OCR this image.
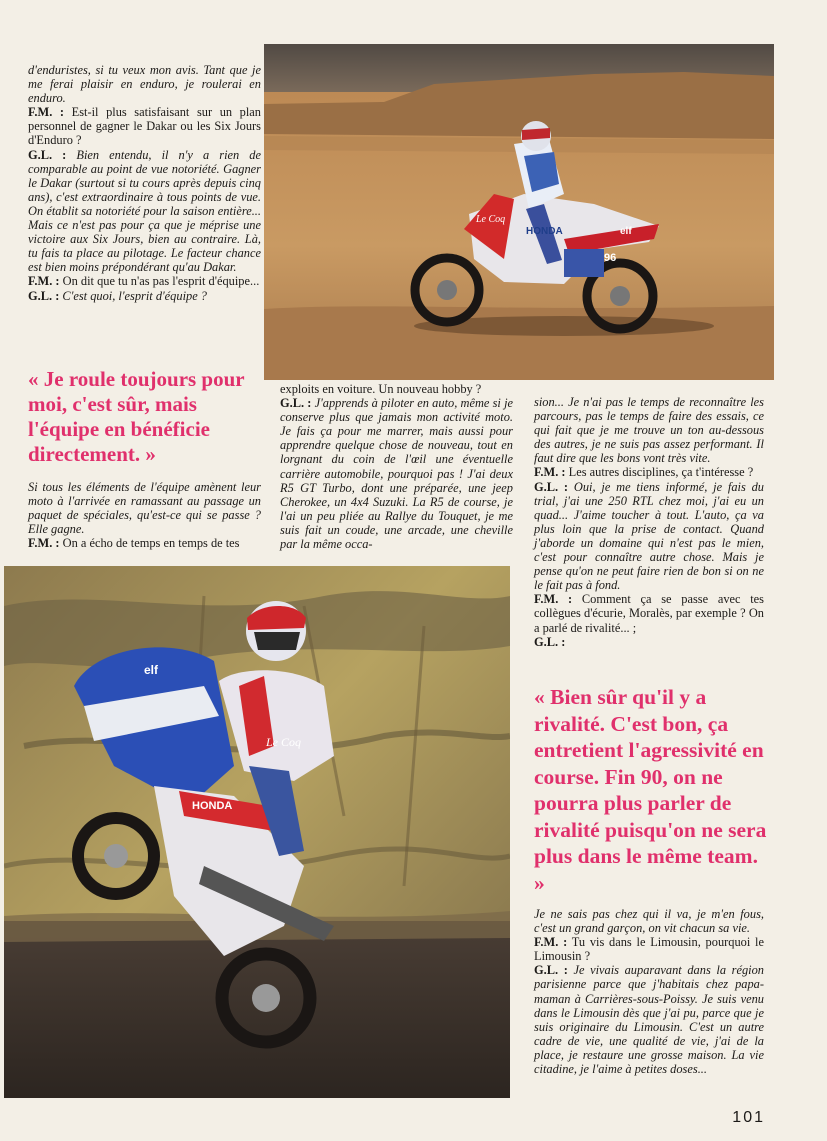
d'enduristes, si tu veux mon avis. Tant que je me ferai plaisir en enduro, je roulerai en enduro.

F.M. : Est-il plus satisfaisant sur un plan personnel de gagner le Dakar ou les Six Jours d'Enduro ?

G.L. : Bien entendu, il n'y a rien de comparable au point de vue notoriété. Gagner le Dakar (surtout si tu cours après depuis cinq ans), c'est extraordinaire à tous points de vue. On établit sa notoriété pour la saison entière... Mais ce n'est pas pour ça que je méprise une victoire aux Six Jours, bien au contraire. Là, tu fais ta place au pilotage. Le facteur chance est bien moins prépondérant qu'au Dakar.

F.M. : On dit que tu n'as pas l'esprit d'équipe...

G.L. : C'est quoi, l'esprit d'équipe ?

96
elf
HONDA
Le Coq

« Je roule toujours pour moi, c'est sûr, mais l'équipe en bénéficie directement. »

Si tous les éléments de l'équipe amènent leur moto à l'arrivée en ramassant au passage un paquet de spéciales, qu'est-ce qui se passe ? Elle gagne.

F.M. : On a écho de temps en temps de tes

exploits en voiture. Un nouveau hobby ?

G.L. : J'apprends à piloter en auto, même si je conserve plus que jamais mon activité moto. Je fais ça pour me marrer, mais aussi pour apprendre quelque chose de nouveau, tout en lorgnant du coin de l'œil une éventuelle carrière automobile, pourquoi pas ! J'ai deux R5 GT Turbo, dont une préparée, une jeep Cherokee, un 4x4 Suzuki. La R5 de course, je l'ai un peu pliée au Rallye du Touquet, je me suis fait un coude, une arcade, une cheville par la même occa-

sion... Je n'ai pas le temps de reconnaître les parcours, pas le temps de faire des essais, ce qui fait que je me trouve un ton au-dessous des autres, je ne suis pas assez performant. Il faut dire que les bons vont très vite.

F.M. : Les autres disciplines, ça t'intéresse ?

G.L. : Oui, je me tiens informé, je fais du trial, j'ai une 250 RTL chez moi, j'ai eu un quad... J'aime toucher à tout. L'auto, ça va plus loin que la prise de contact. Quand j'aborde un domaine qui n'est pas le mien, c'est pour connaître autre chose. Mais je pense qu'on ne peut faire rien de bon si on ne le fait pas à fond.

F.M. : Comment ça se passe avec tes collègues d'écurie, Moralès, par exemple ? On a parlé de rivalité... ;

G.L. :

elf
HONDA
Le Coq

« Bien sûr qu'il y a rivalité. C'est bon, ça entretient l'agressivité en course. Fin 90, on ne pourra plus parler de rivalité puisqu'on ne sera plus dans le même team. »

Je ne sais pas chez qui il va, je m'en fous, c'est un grand garçon, on vit chacun sa vie.

F.M. : Tu vis dans le Limousin, pourquoi le Limousin ?

G.L. : Je vivais auparavant dans la région parisienne parce que j'habitais chez papa-maman à Carrières-sous-Poissy. Je suis venu dans le Limousin dès que j'ai pu, parce que je suis originaire du Limousin. C'est un autre cadre de vie, une qualité de vie, j'ai de la place, je restaure une grosse maison. La vie citadine, je l'aime à petites doses...

101
